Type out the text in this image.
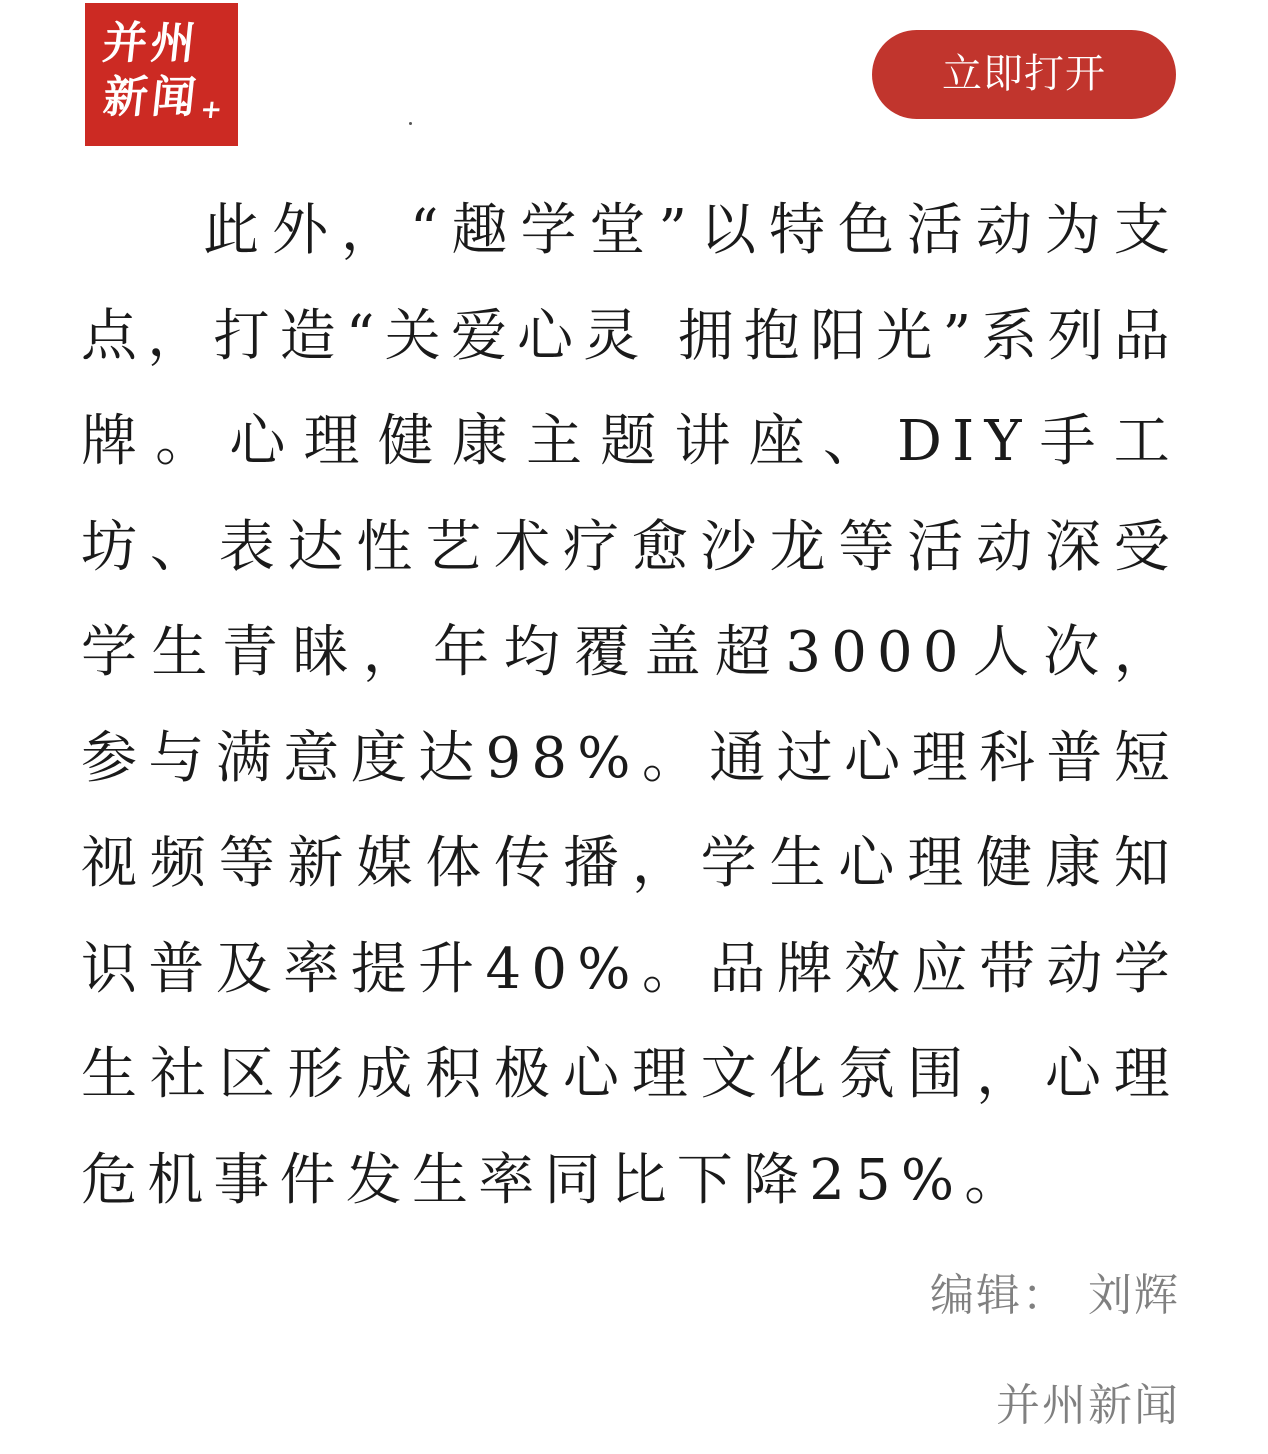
并州
新闻+
立即打开

此外，“趣学堂”以特色活动为支点，打造“关爱心灵 拥抱阳光”系列品牌。心理健康主题讲座、DIY手工坊、表达性艺术疗愈沙龙等活动深受学生青睐，年均覆盖超3000人次，参与满意度达98%。通过心理科普短视频等新媒体传播，学生心理健康知识普及率提升40%。品牌效应带动学生社区形成积极心理文化氛围，心理危机事件发生率同比下降25%。

编辑： 刘辉
并州新闻
